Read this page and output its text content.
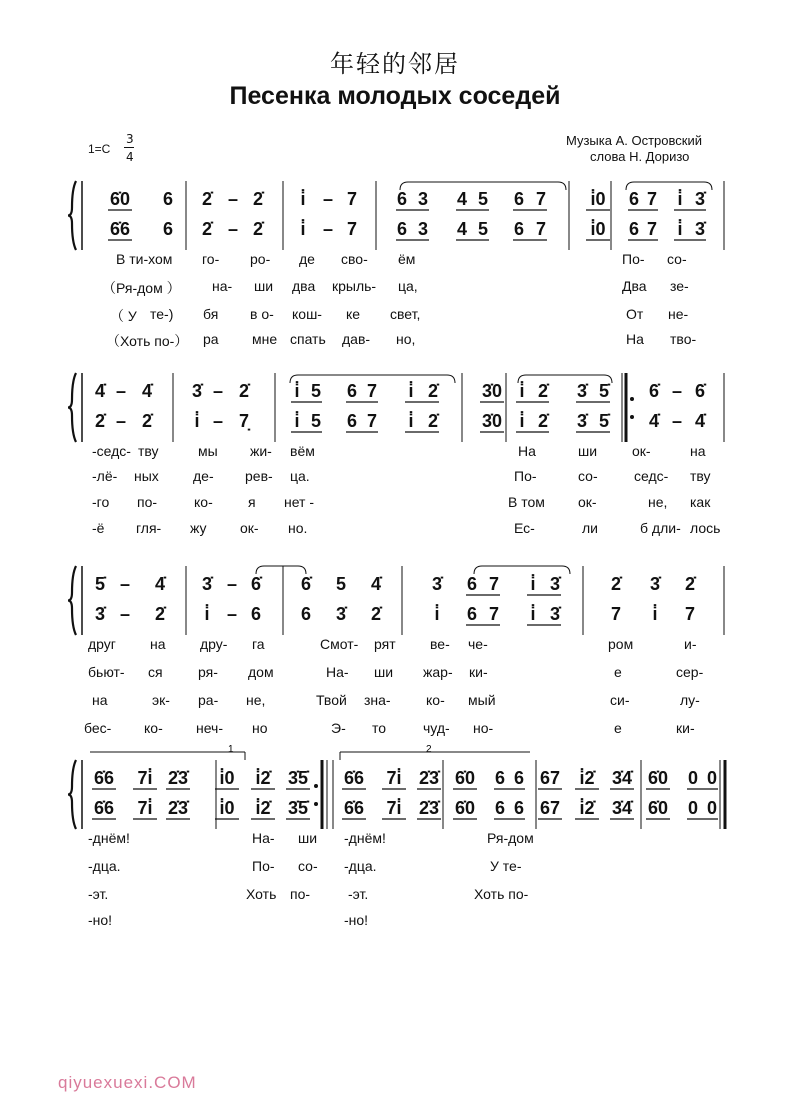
年轻的邻居
Песенка молодых соседей
1=C
3
4
Музыка А. Островский
слова Н. Доризо
6̇0 6 2̇ – 2̇ i̇ – 7 6 3 4 5 6 7 i̇0 6 7 i̇ 3̇
6̇6 6 2̇ – 2̇ i̇ – 7 6 3 4 5 6 7 i̇0 6 7 i̇ 3̇
4̇ – 4̇ 3̇ – 2̇	i̇ 5 6 7 i̇ 2̇ 3̇0 i̇ 2̇ 3̇ 5̇ 6̇ – 6̇
2̇ – 2̇ i̇ – 7̣	i̇ 5 6 7 i̇ 2̇ 3̇0 i̇ 2̇ 3̇ 5̇ 4̇ – 4̇
5̇ – 4̇ 3̇ – 6̇ 6̇ 5 4̇	3̇ 6 7 i̇ 3̇	2̇ 3̇ 2̇
3̇ – 2̇ i̇ – 6 6 3̇ 2̇	i̇ 6 7 i̇ 3̇	7 i̇ 7
6̇6 7i̇ 2̇3̇ i̇0 i̇2̇ 3̇5̇ 6̇6 7i̇ 2̇3̇ 6̇0 6 6 67 i̇2̇ 3̇4̇ 6̇0 0 0
6̇6 7i̇ 2̇3̇ i̇0 i̇2̇ 3̇5̇ 6̇6 7i̇ 2̇3̇ 6̇0 6 6 67 i̇2̇ 3̇4̇ 6̇0 0 0
1	2
В ти-хом го- ро- де сво- ём	По- со-
（Ря-дом ） на- ши два крыль- ца,	Два зе-
（ У те-) бя в о- кош- ке свет,	От не-
（Хоть по-） ра мне спать дав- но,	На тво-
-седс- тву	мы жи- вём	На	ши ок-	на
-лё- ных де- рев- ца.	По-	со-	седс- тву
-го по-	ко-	я нет -	В том ок-	не, как
-ё гля- жу ок- но.	Ес-	ли	б дли- лось
друг на дру- га	Смот- рят ве- че-	ром	и-
бьют- ся	ря- дом	На- ши жар- ки-	е	сер-
на	эк- ра- не,	Твой зна-	ко- мый	си-	лу-
бес- ко- неч- но	Э- то	чуд- но-	е	ки-
-днём!	На- ши -днём!	Ря-дом
-дца.	По- со- -дца.	У те-
-эт.	Хоть по-	-эт.	Хоть по-
-но!	-но!
qiyuexuexi.COM
